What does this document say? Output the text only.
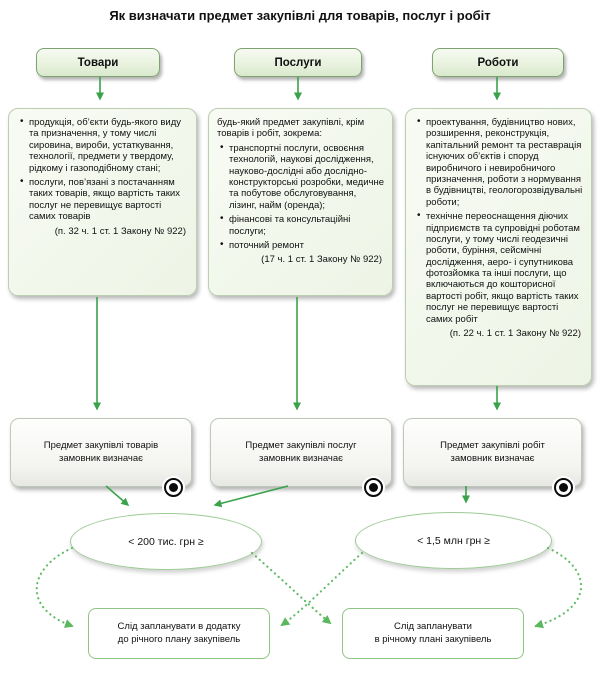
Як визначати предмет закупівлі для товарів, послуг і робіт
Товари	Послуги	Роботи
• продукція, об’єкти будь-якого виду та призначення, у тому числі сировина, вироби, устаткування, технології, предмети у твердому, рідкому і газоподібному стані;
• послуги, пов’язані з постачанням таких товарів, якщо вартість таких послуг не перевищує вартості самих товарів
(п. 32 ч. 1 ст. 1 Закону № 922)
будь-який предмет закупівлі, крім товарів і робіт, зокрема:
• транспортні послуги, освоєння технологій, наукові дослідження, науково-дослідні або дослідно-конструкторські розробки, медичне та побутове обслуговування, лізинг, найм (оренда);
• фінансові та консультаційні послуги;
• поточний ремонт
(17 ч. 1 ст. 1 Закону № 922)
• проектування, будівництво нових, розширення, реконструкція, капітальний ремонт та реставрація існуючих об’єктів і споруд виробничого і невиробничого призначення, роботи з нормування в будівництві, геологорозвідувальні роботи;
• технічне переоснащення діючих підприємств та супровідні роботам послуги, у тому числі геодезичні роботи, буріння, сейсмічні дослідження, аеро- і супутникова фотозйомка та інші послуги, що включаються до кошторисної вартості робіт, якщо вартість таких послуг не перевищує вартості самих робіт
(п. 22 ч. 1 ст. 1 Закону № 922)
Предмет закупівлі товарів
замовник визначає
Предмет закупівлі послуг
замовник визначає
Предмет закупівлі робіт
замовник визначає
< 200 тис. грн ≥	< 1,5 млн грн ≥
Слід запланувати в додатку
до річного плану закупівель
Слід запланувати
в річному плані закупівель
